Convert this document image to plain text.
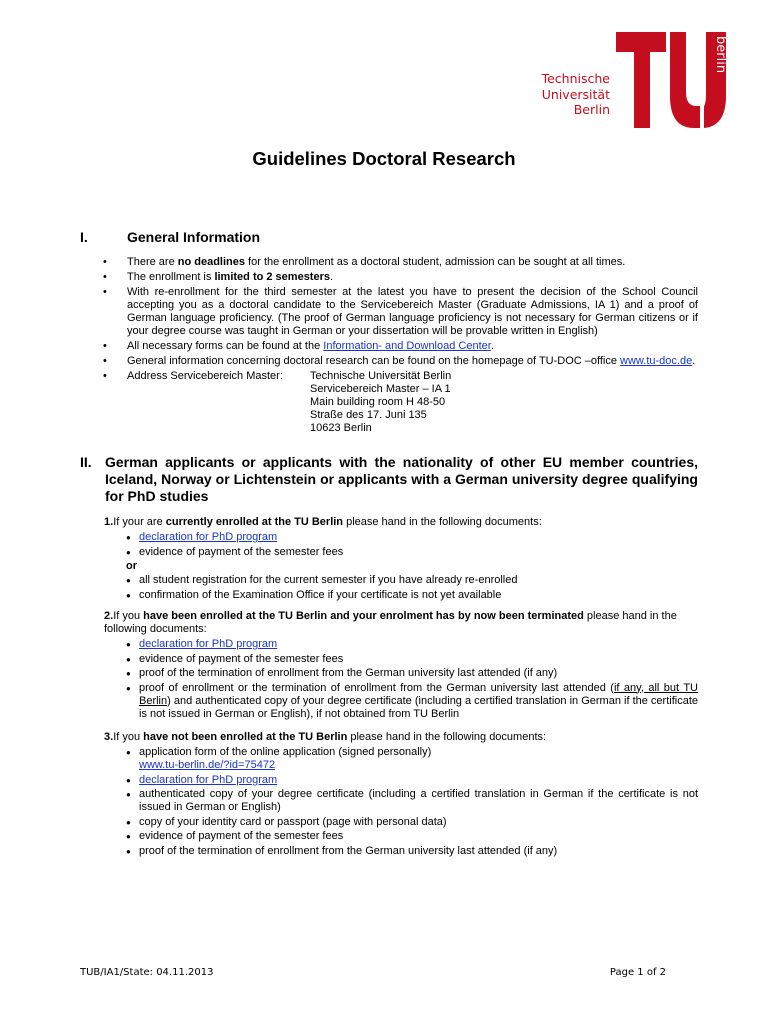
Technische
Universität
Berlin
berlin
Guidelines Doctoral Research
I.	General Information
• There are no deadlines for the enrollment as a doctoral student, admission can be sought at all times.
• The enrollment is limited to 2 semesters.
• With re-enrollment for the third semester at the latest you have to present the decision of the School Council accepting you as a doctoral candidate to the Servicebereich Master (Graduate Admissions, IA 1) and a proof of German language proficiency. (The proof of German language proficiency is not necessary for German citizens or if your degree course was taught in German or your dissertation will be provable written in English)
• All necessary forms can be found at the Information- and Download Center.
• General information concerning doctoral research can be found on the homepage of TU-DOC –office www.tu-doc.de.
• Address Servicebereich Master:	Technische Universität Berlin
Servicebereich Master – IA 1
Main building room H 48-50
Straße des 17. Juni 135
10623 Berlin
II. German applicants or applicants with the nationality of other EU member countries, Iceland, Norway or Lichtenstein or applicants with a German university degree qualifying for PhD studies
1.If your are currently enrolled at the TU Berlin please hand in the following documents:
● declaration for PhD program
● evidence of payment of the semester fees
or
● all student registration for the current semester if you have already re-enrolled
● confirmation of the Examination Office if your certificate is not yet available
2.If you have been enrolled at the TU Berlin and your enrolment has by now been terminated please hand in the following documents:
● declaration for PhD program
● evidence of payment of the semester fees
● proof of the termination of enrollment from the German university last attended (if any)
● proof of enrollment or the termination of enrollment from the German university last attended (if any, all but TU Berlin) and authenticated copy of your degree certificate (including a certified translation in German if the certificate is not issued in German or English), if not obtained from TU Berlin
3.If you have not been enrolled at the TU Berlin please hand in the following documents:
● application form of the online application (signed personally)
www.tu-berlin.de/?id=75472
● declaration for PhD program
● authenticated copy of your degree certificate (including a certified translation in German if the certificate is not issued in German or English)
● copy of your identity card or passport (page with personal data)
● evidence of payment of the semester fees
● proof of the termination of enrollment from the German university last attended (if any)
TUB/IA1/State: 04.11.2013	Page 1 of 2
